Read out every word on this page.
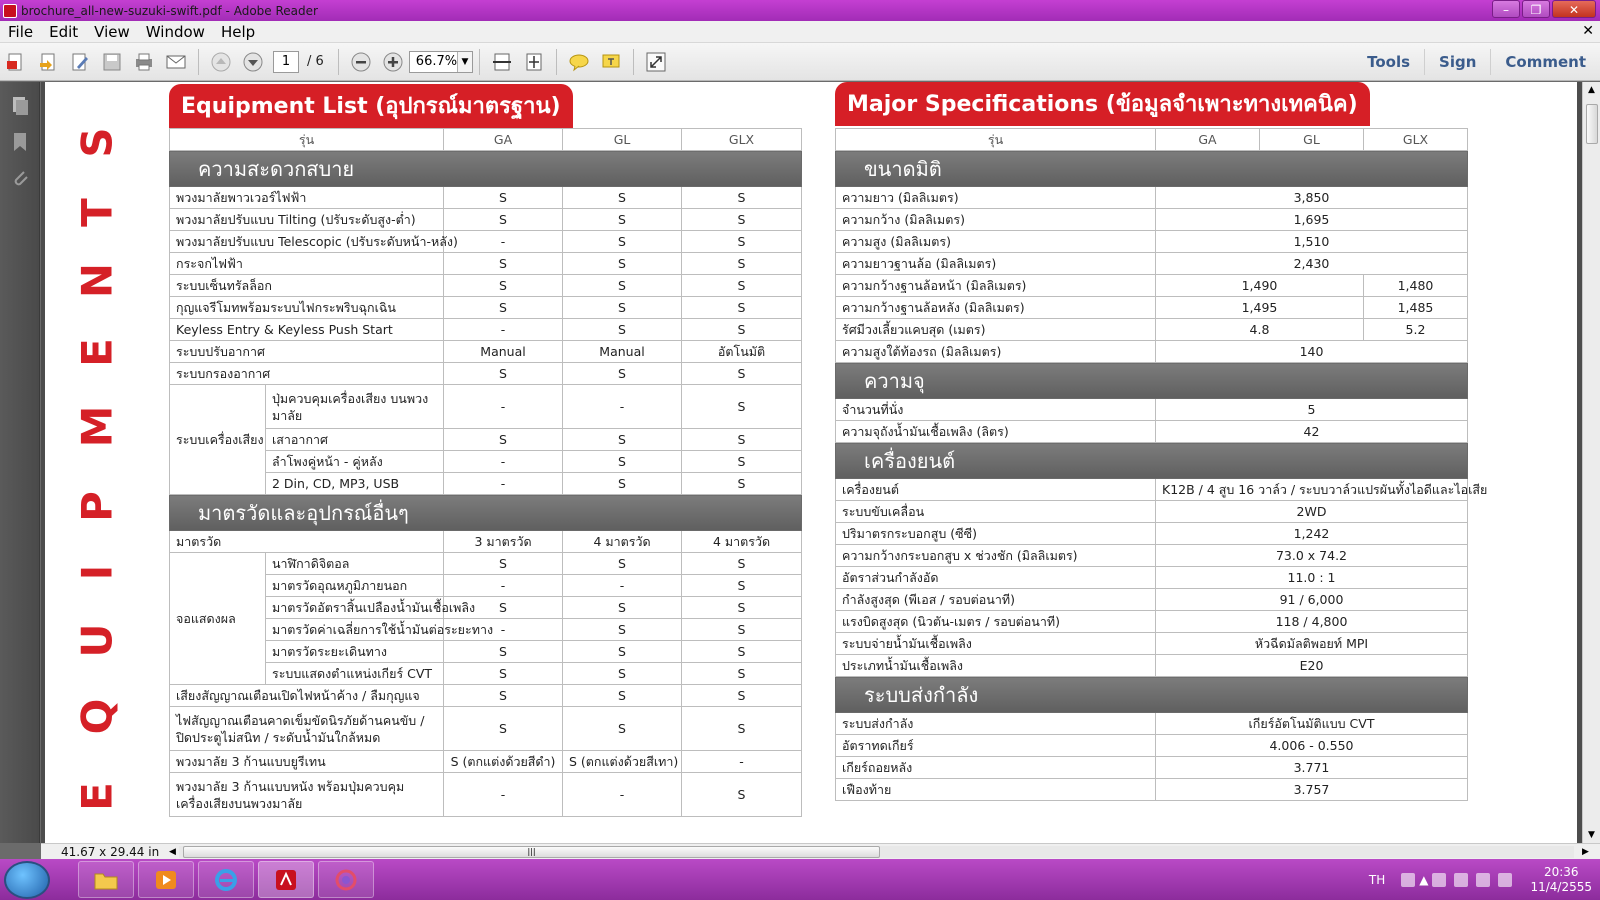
brochure_all-new-suzuki-swift.pdf - Adobe Reader	–	❐	✕
File	Edit	View	Window	Help	✕
1	/ 6	66.7% ▼	Tools	Sign	Comment
E
Q
U
I
P
M
E
N
T
S
Equipment List (อุปกรณ์มาตรฐาน)
รุ่น		GA	GL	GLX
ความสะดวกสบาย				
พวงมาลัยพาวเวอร์ไฟฟ้า		S	S	S
พวงมาลัยปรับแบบ Tilting (ปรับระดับสูง-ต่ำ)		S	S	S
พวงมาลัยปรับแบบ Telescopic (ปรับระดับหน้า-หลัง)		-	S	S
กระจกไฟฟ้า		S	S	S
ระบบเซ็นทรัลล็อก		S	S	S
กุญแจรีโมทพร้อมระบบไฟกระพริบฉุกเฉิน		S	S	S
Keyless Entry & Keyless Push Start		-	S	S
ระบบปรับอากาศ		Manual	Manual	อัตโนมัติ
ระบบกรองอากาศ		S	S	S
ระบบเครื่องเสียง	ปุ่มควบคุมเครื่องเสียง บนพวงมาลัย	-	-	S
	เสาอากาศ	S	S	S
	ลำโพงคู่หน้า - คู่หลัง	-	S	S
	2 Din, CD, MP3, USB	-	S	S
มาตรวัดและอุปกรณ์อื่นๆ				
มาตรวัด		3 มาตรวัด	4 มาตรวัด	4 มาตรวัด
จอแสดงผล	นาฬิกาดิจิตอล	S	S	S
	มาตรวัดอุณหภูมิภายนอก	-	-	S
	มาตรวัดอัตราสิ้นเปลืองน้ำมันเชื้อเพลิง	S	S	S
	มาตรวัดค่าเฉลี่ยการใช้น้ำมันต่อระยะทาง	-	S	S
	มาตรวัดระยะเดินทาง	S	S	S
	ระบบแสดงตำแหน่งเกียร์ CVT	S	S	S
เสียงสัญญาณเตือนเปิดไฟหน้าค้าง / ลืมกุญแจ		S	S	S
ไฟสัญญาณเตือนคาดเข็มขัดนิรภัยด้านคนขับ / ปิดประตูไม่สนิท / ระดับน้ำมันใกล้หมด		S	S	S
พวงมาลัย 3 ก้านแบบยูรีเทน		S (ตกแต่งด้วยสีดำ)	S (ตกแต่งด้วยสีเทา)	-
พวงมาลัย 3 ก้านแบบหนัง พร้อมปุ่มควบคุมเครื่องเสียงบนพวงมาลัย		-	-	S
Major Specifications (ข้อมูลจำเพาะทางเทคนิค)
รุ่น	GA	GL	GLX
ขนาดมิติ			
ความยาว (มิลลิเมตร)	3,850		
ความกว้าง (มิลลิเมตร)	1,695		
ความสูง (มิลลิเมตร)	1,510		
ความยาวฐานล้อ (มิลลิเมตร)	2,430		
ความกว้างฐานล้อหน้า (มิลลิเมตร)	1,490		1,480
ความกว้างฐานล้อหลัง (มิลลิเมตร)	1,495		1,485
รัศมีวงเลี้ยวแคบสุด (เมตร)	4.8		5.2
ความสูงใต้ท้องรถ (มิลลิเมตร)	140		
ความจุ			
จำนวนที่นั่ง	5		
ความจุถังน้ำมันเชื้อเพลิง (ลิตร)	42		
เครื่องยนต์			
เครื่องยนต์	K12B / 4 สูบ 16 วาล์ว / ระบบวาล์วแปรผันทั้งไอดีและไอเสีย		
ระบบขับเคลื่อน	2WD		
ปริมาตรกระบอกสูบ (ซีซี)	1,242		
ความกว้างกระบอกสูบ x ช่วงชัก (มิลลิเมตร)	73.0 x 74.2		
อัตราส่วนกำลังอัด	11.0 : 1		
กำลังสูงสุด (พีเอส / รอบต่อนาที)	91 / 6,000		
แรงบิดสูงสุด (นิวตัน-เมตร / รอบต่อนาที)	118 / 4,800		
ระบบจ่ายน้ำมันเชื้อเพลิง	หัวฉีดมัลติพอยท์ MPI		
ประเภทน้ำมันเชื้อเพลิง	E20		
ระบบส่งกำลัง			
ระบบส่งกำลัง	เกียร์อัตโนมัติแบบ CVT		
อัตราทดเกียร์	4.006 - 0.550		
เกียร์ถอยหลัง	3.771		
เฟืองท้าย	3.757		
▲
▼
41.67 x 29.44 in	◀	|||	▶
TH	▲
20:36
11/4/2555
